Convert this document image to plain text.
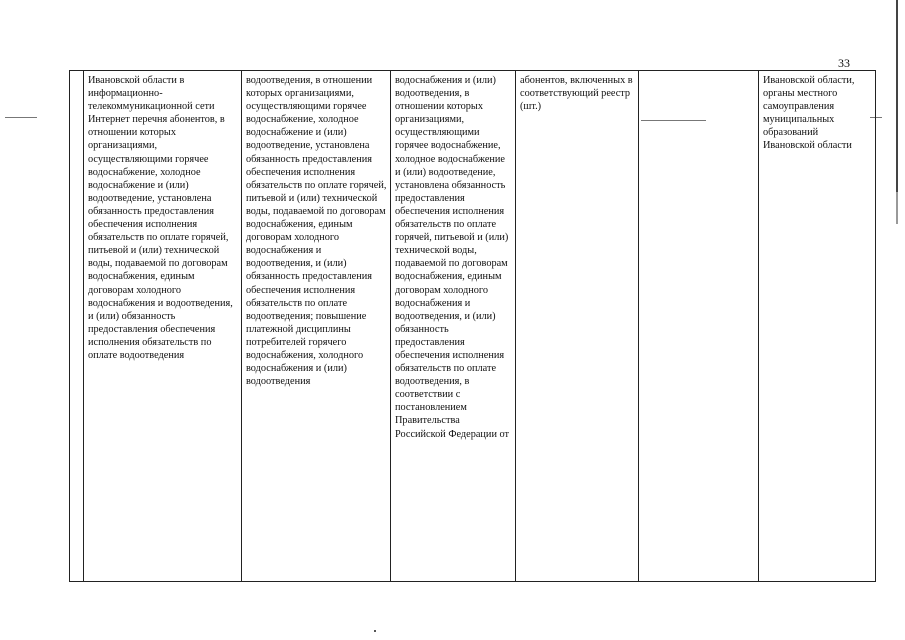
33
	Ивановской области в информационно-телекоммуникационной сети Интернет перечня абонентов, в отношении которых организациями, осуществляющими горячее водоснабжение, холодное водоснабжение и (или) водоотведение, установлена обязанность предоставления обеспечения исполнения обязательств по оплате горячей, питьевой и (или) технической воды, подаваемой по договорам водоснабжения, единым договорам холодного водоснабжения и водоотведения, и (или) обязанность предоставления обеспечения исполнения обязательств по оплате водоотведения	водоотведения, в отношении которых организациями, осуществляющими горячее водоснабжение, холодное водоснабжение и (или) водоотведение, установлена обязанность предоставления обеспечения исполнения обязательств по оплате горячей, питьевой и (или) технической воды, подаваемой по договорам водоснабжения, единым договорам холодного водоснабжения и водоотведения, и (или) обязанность предоставления обеспечения исполнения обязательств по оплате водоотведения; повышение платежной дисциплины потребителей горячего водоснабжения, холодного водоснабжения и (или) водоотведения	водоснабжения и (или) водоотведения, в отношении которых организациями, осуществляющими горячее водоснабжение, холодное водоснабжение и (или) водоотведение, установлена обязанность предоставления обеспечения исполнения обязательств по оплате горячей, питьевой и (или) технической воды, подаваемой по договорам водоснабжения, единым договорам холодного водоснабжения и водоотведения, и (или) обязанность предоставления обеспечения исполнения обязательств по оплате водоотведения, в соответствии с постановлением Правительства Российской Федерации от	абонентов, включенных в соответствующий реестр (шт.)		Ивановской области, органы местного самоуправления муниципальных образований Ивановской области
